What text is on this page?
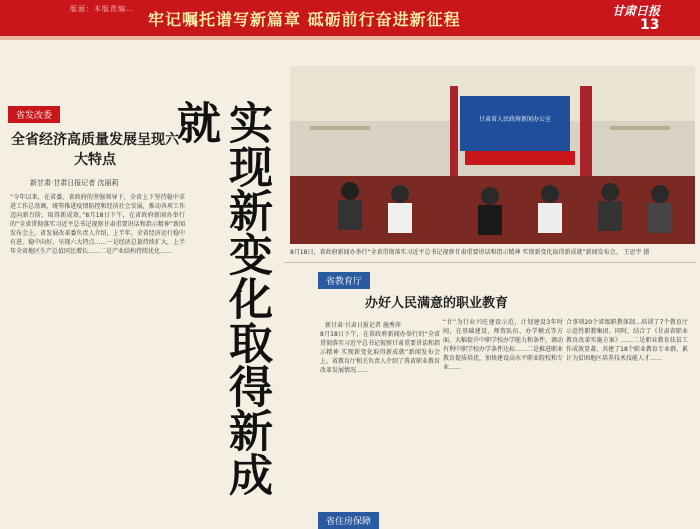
版面：本版责编…
牢记嘱托谱写新篇章 砥砺前行奋进新征程	甘肃日报
13
省发改委
全省经济高质量发展呈现六大特点
新甘肃·甘肃日报记者 沈丽莉
“今年以来，在省委、省政府的坚强领导下，全省上下坚持稳中求进工作总基调，统筹推进疫情防控和经济社会发展，推动各项工作迈向新台阶、取得新成效。”8月18日下午，在省政府新闻办举行的“全省贯彻落实习近平总书记视察甘肃重要讲话和指示精神”新闻发布会上，省发展改革委负责人介绍，上半年，全省经济运行稳中有进、稳中向好，呈现六大特点……一是经济总量持续扩大，上半年全省地区生产总值同比增长……二是产业结构持续优化…… 实现新变化取得新成就	甘肃省人民政府新闻办公室
8月18日，省政府新闻办举行“全省贯彻落实习近平总书记视察甘肃重要讲话和指示精神 实现新变化取得新成就”新闻发布会。 王思宇 摄
省教育厅
办好人民满意的职业教育
新甘肃·甘肃日报记者 施秀萍
8月18日下午，在省政府新闻办举行的“全省贯彻落实习近平总书记视察甘肃重要讲话和指示精神 实现新变化取得新成就”新闻发布会上，省教育厅相关负责人介绍了我省职业教育改革发展情况……
“甘”为行业兴旺建设示范，计划建设3年时间，在基础建设、师资队伍、办学模式等方面，大幅提升中职学校办学能力和条件，调动有利中职学校办学条件达标……二是推进职业教育提质培优，加快建设高水平职业院校和专业……
合事项20个省级职教体制…培训了7个教育厅示范性职教集团。同时，结合了《甘肃省职业教育改革实施方案》……二是职业教育扶贫工作成效显著，共建了18个职业教育专业群，累计为贫困地区培养技术技能人才……
省住房保障
